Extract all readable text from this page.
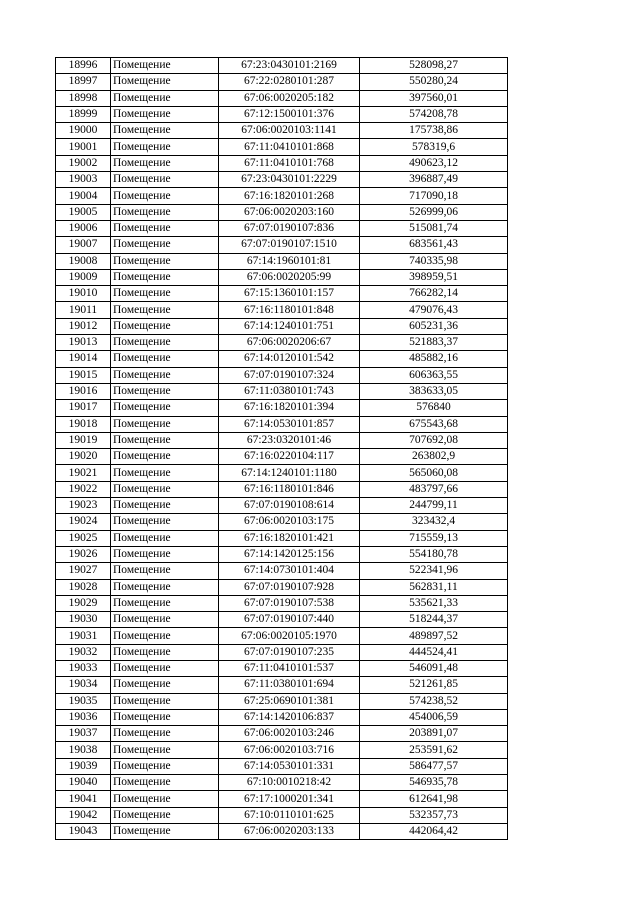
18996	Помещение	67:23:0430101:2169	528098,27
18997	Помещение	67:22:0280101:287	550280,24
18998	Помещение	67:06:0020205:182	397560,01
18999	Помещение	67:12:1500101:376	574208,78
19000	Помещение	67:06:0020103:1141	175738,86
19001	Помещение	67:11:0410101:868	578319,6
19002	Помещение	67:11:0410101:768	490623,12
19003	Помещение	67:23:0430101:2229	396887,49
19004	Помещение	67:16:1820101:268	717090,18
19005	Помещение	67:06:0020203:160	526999,06
19006	Помещение	67:07:0190107:836	515081,74
19007	Помещение	67:07:0190107:1510	683561,43
19008	Помещение	67:14:1960101:81	740335,98
19009	Помещение	67:06:0020205:99	398959,51
19010	Помещение	67:15:1360101:157	766282,14
19011	Помещение	67:16:1180101:848	479076,43
19012	Помещение	67:14:1240101:751	605231,36
19013	Помещение	67:06:0020206:67	521883,37
19014	Помещение	67:14:0120101:542	485882,16
19015	Помещение	67:07:0190107:324	606363,55
19016	Помещение	67:11:0380101:743	383633,05
19017	Помещение	67:16:1820101:394	576840
19018	Помещение	67:14:0530101:857	675543,68
19019	Помещение	67:23:0320101:46	707692,08
19020	Помещение	67:16:0220104:117	263802,9
19021	Помещение	67:14:1240101:1180	565060,08
19022	Помещение	67:16:1180101:846	483797,66
19023	Помещение	67:07:0190108:614	244799,11
19024	Помещение	67:06:0020103:175	323432,4
19025	Помещение	67:16:1820101:421	715559,13
19026	Помещение	67:14:1420125:156	554180,78
19027	Помещение	67:14:0730101:404	522341,96
19028	Помещение	67:07:0190107:928	562831,11
19029	Помещение	67:07:0190107:538	535621,33
19030	Помещение	67:07:0190107:440	518244,37
19031	Помещение	67:06:0020105:1970	489897,52
19032	Помещение	67:07:0190107:235	444524,41
19033	Помещение	67:11:0410101:537	546091,48
19034	Помещение	67:11:0380101:694	521261,85
19035	Помещение	67:25:0690101:381	574238,52
19036	Помещение	67:14:1420106:837	454006,59
19037	Помещение	67:06:0020103:246	203891,07
19038	Помещение	67:06:0020103:716	253591,62
19039	Помещение	67:14:0530101:331	586477,57
19040	Помещение	67:10:0010218:42	546935,78
19041	Помещение	67:17:1000201:341	612641,98
19042	Помещение	67:10:0110101:625	532357,73
19043	Помещение	67:06:0020203:133	442064,42
